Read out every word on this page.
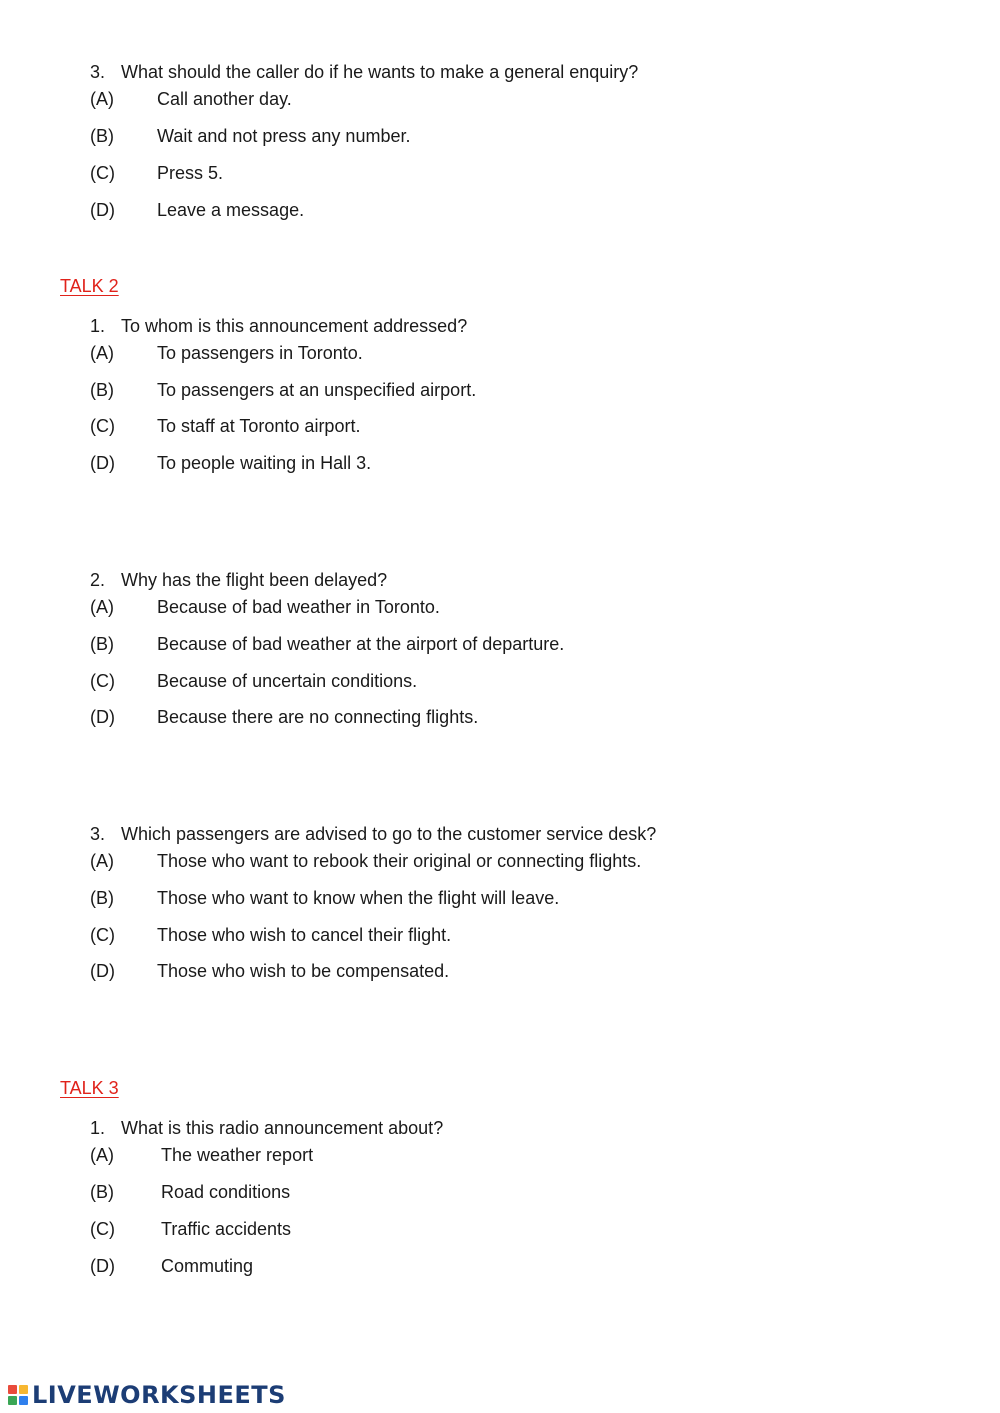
3. What should the caller do if he wants to make a general enquiry?
(A) Call another day.
(B) Wait and not press any number.
(C) Press 5.
(D) Leave a message.
TALK 2
1. To whom is this announcement addressed?
(A) To passengers in Toronto.
(B) To passengers at an unspecified airport.
(C) To staff at Toronto airport.
(D) To people waiting in Hall 3.
2. Why has the flight been delayed?
(A) Because of bad weather in Toronto.
(B) Because of bad weather at the airport of departure.
(C) Because of uncertain conditions.
(D) Because there are no connecting flights.
3. Which passengers are advised to go to the customer service desk?
(A) Those who want to rebook their original or connecting flights.
(B) Those who want to know when the flight will leave.
(C) Those who wish to cancel their flight.
(D) Those who wish to be compensated.
TALK 3
1. What is this radio announcement about?
(A)	The weather report
(B)	Road conditions
(C)	Traffic accidents
(D)	Commuting
LIVEWORKSHEETS
